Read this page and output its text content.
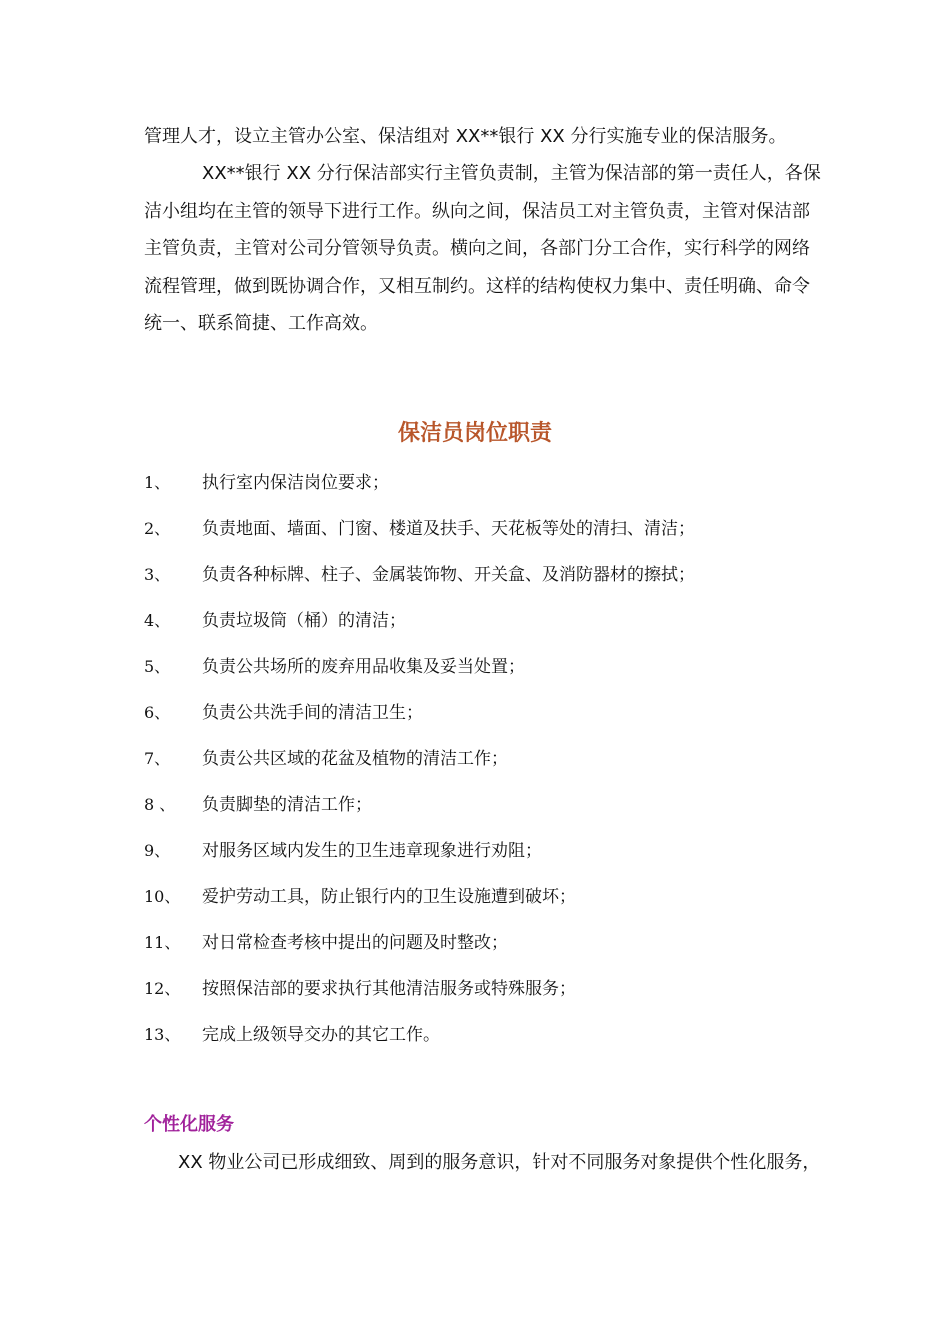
管理人才，设立主管办公室、保洁组对 XX**银行 XX 分行实施专业的保洁服务。

XX**银行 XX 分行保洁部实行主管负责制，主管为保洁部的第一责任人，各保洁小组均在主管的领导下进行工作。纵向之间，保洁员工对主管负责，主管对保洁部主管负责，主管对公司分管领导负责。横向之间，各部门分工合作，实行科学的网络流程管理，做到既协调合作，又相互制约。这样的结构使权力集中、责任明确、命令统一、联系简捷、工作高效。

保洁员岗位职责
1、 执行室内保洁岗位要求；
2、 负责地面、墙面、门窗、楼道及扶手、天花板等处的清扫、清洁；
3、 负责各种标牌、柱子、金属装饰物、开关盒、及消防器材的擦拭；
4、 负责垃圾筒（桶）的清洁；
5、 负责公共场所的废弃用品收集及妥当处置；
6、 负责公共洗手间的清洁卫生；
7、 负责公共区域的花盆及植物的清洁工作；
8 、 负责脚垫的清洁工作；
9、 对服务区域内发生的卫生违章现象进行劝阻；
10、 爱护劳动工具，防止银行内的卫生设施遭到破坏；
11、 对日常检查考核中提出的问题及时整改；
12、 按照保洁部的要求执行其他清洁服务或特殊服务；
13、 完成上级领导交办的其它工作。
个性化服务

XX 物业公司已形成细致、周到的服务意识，针对不同服务对象提供个性化服务，
